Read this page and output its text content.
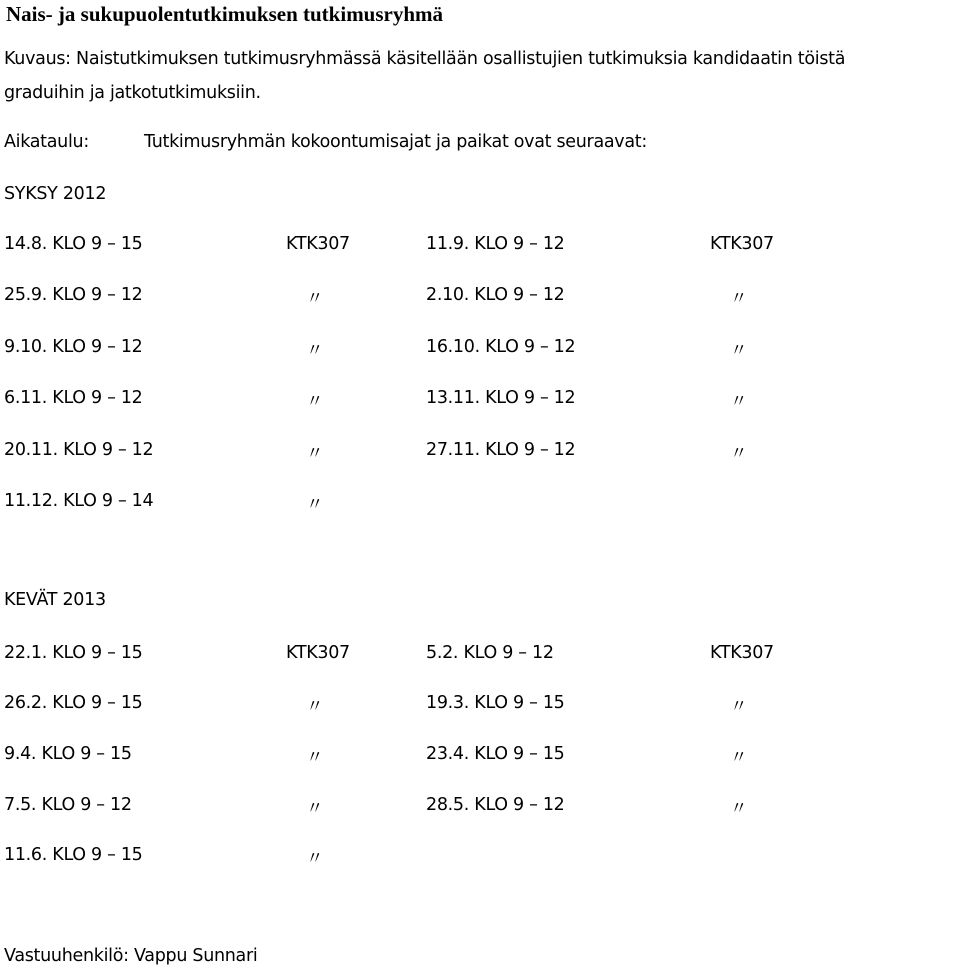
Nais- ja sukupuolentutkimuksen tutkimusryhmä
Kuvaus: Naistutkimuksen tutkimusryhmässä käsitellään osallistujien tutkimuksia kandidaatin töistä
graduihin ja jatkotutkimuksiin.
Aikataulu:	Tutkimusryhmän kokoontumisajat ja paikat ovat seuraavat:
SYKSY 2012
14.8. KLO 9 – 15	KTK307	11.9. KLO 9 – 12	KTK307
25.9. KLO 9 – 12	〃	2.10. KLO 9 – 12	〃
9.10. KLO 9 – 12	〃	16.10. KLO 9 – 12	〃
6.11. KLO 9 – 12	〃	13.11. KLO 9 – 12	〃
20.11. KLO 9 – 12	〃	27.11. KLO 9 – 12	〃
11.12. KLO 9 – 14	〃
KEVÄT 2013
22.1. KLO 9 – 15	KTK307	5.2. KLO 9 – 12	KTK307
26.2. KLO 9 – 15	〃	19.3. KLO 9 – 15	〃
9.4. KLO 9 – 15	〃	23.4. KLO 9 – 15	〃
7.5. KLO 9 – 12	〃	28.5. KLO 9 – 12	〃
11.6. KLO 9 – 15	〃
Vastuuhenkilö: Vappu Sunnari
